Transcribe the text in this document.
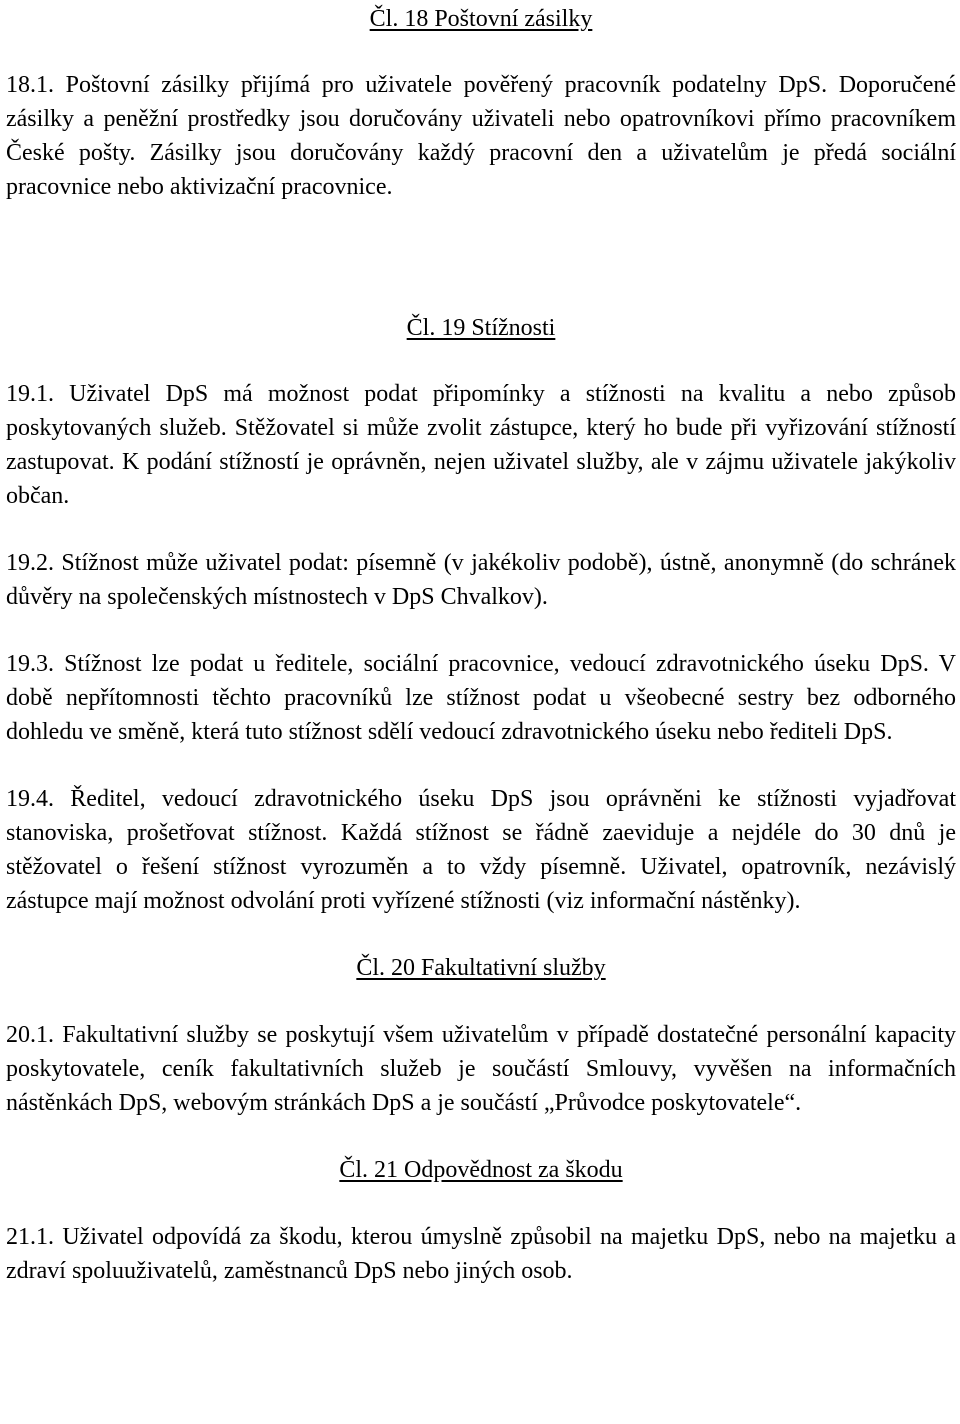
Čl. 18 Poštovní zásilky

18.1. Poštovní zásilky přijímá pro uživatele pověřený pracovník podatelny DpS. Doporučené zásilky a peněžní prostředky jsou doručovány uživateli nebo opatrovníkovi přímo pracovníkem České pošty. Zásilky jsou doručovány každý pracovní den a uživatelům je předá sociální pracovnice nebo aktivizační pracovnice.

Čl. 19 Stížnosti

19.1. Uživatel DpS má možnost podat připomínky a stížnosti na kvalitu a nebo způsob poskytovaných služeb. Stěžovatel si může zvolit zástupce, který ho bude při vyřizování stížností zastupovat. K podání stížností je oprávněn, nejen uživatel služby, ale v zájmu uživatele jakýkoliv občan.

19.2. Stížnost může uživatel podat: písemně (v jakékoliv podobě), ústně, anonymně (do schránek důvěry na společenských místnostech v DpS Chvalkov).

19.3. Stížnost lze podat u ředitele, sociální pracovnice, vedoucí zdravotnického úseku DpS. V době nepřítomnosti těchto pracovníků lze stížnost podat u všeobecné sestry bez odborného dohledu ve směně, která tuto stížnost sdělí vedoucí zdravotnického úseku nebo řediteli DpS.

19.4. Ředitel, vedoucí zdravotnického úseku DpS jsou oprávněni ke stížnosti vyjadřovat stanoviska, prošetřovat stížnost. Každá stížnost se řádně zaeviduje a nejdéle do 30 dnů je stěžovatel o řešení stížnost vyrozuměn a to vždy písemně. Uživatel, opatrovník, nezávislý zástupce mají možnost odvolání proti vyřízené stížnosti (viz informační nástěnky).

Čl. 20 Fakultativní služby

20.1. Fakultativní služby se poskytují všem uživatelům v případě dostatečné personální kapacity poskytovatele, ceník fakultativních služeb je součástí Smlouvy, vyvěšen na informačních nástěnkách DpS, webovým stránkách DpS a je součástí „Průvodce poskytovatele“.

Čl. 21 Odpovědnost za škodu

21.1. Uživatel odpovídá za škodu, kterou úmyslně způsobil na majetku DpS, nebo na majetku a zdraví spoluuživatelů, zaměstnanců DpS nebo jiných osob.
